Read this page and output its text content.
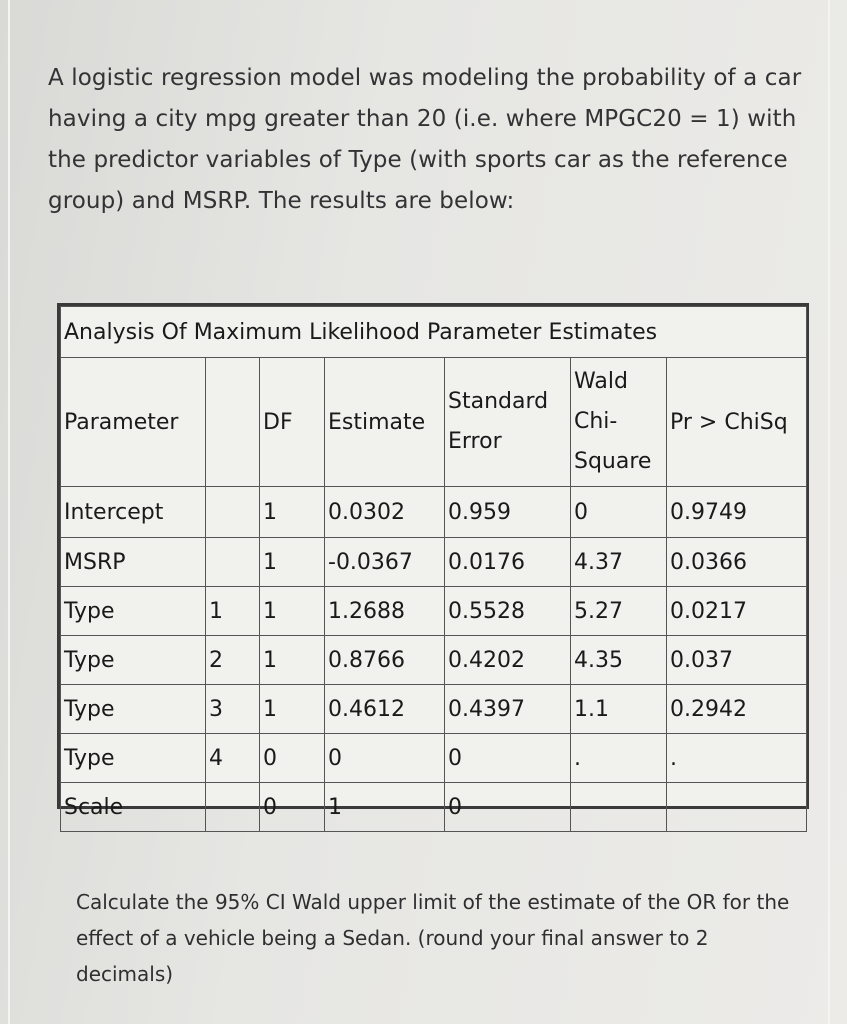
A logistic regression model was modeling the probability of a car having a city mpg greater than 20 (i.e. where MPGC20 = 1) with the predictor variables of Type (with sports car as the reference group) and MSRP. The results are below:
Analysis Of Maximum Likelihood Parameter Estimates						
Parameter		DF	Estimate	Standard Error	Wald Chi-Square	Pr > ChiSq
Intercept		1	0.0302	0.959	0	0.9749
MSRP		1	-0.0367	0.0176	4.37	0.0366
Type	1	1	1.2688	0.5528	5.27	0.0217
Type	2	1	0.8766	0.4202	4.35	0.037
Type	3	1	0.4612	0.4397	1.1	0.2942
Type	4	0	0	0	.	.
Scale		0	1	0		
Calculate the 95% CI Wald upper limit of the estimate of the OR for the effect of a vehicle being a Sedan. (round your final answer to 2 decimals)
